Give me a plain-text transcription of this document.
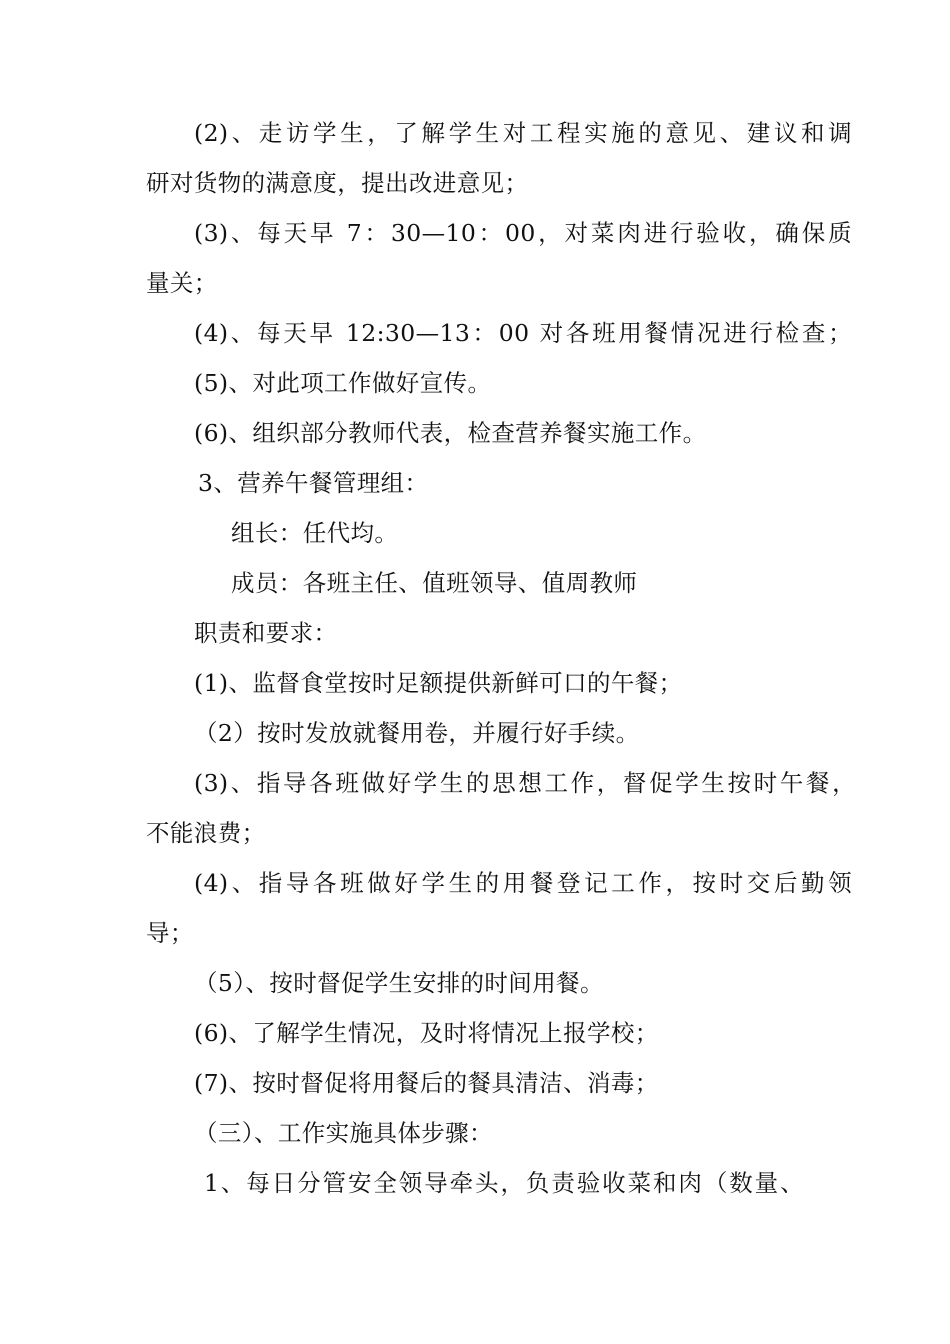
(2)、走访学生，了解学生对工程实施的意见、建议和调
研对货物的满意度，提出改进意见；
(3)、每天早 7：30—10：00，对菜肉进行验收，确保质
量关；
(4)、每天早 12:30—13：00 对各班用餐情况进行检查；
(5)、对此项工作做好宣传。
(6)、组织部分教师代表，检查营养餐实施工作。
3、营养午餐管理组：
组长：任代均。
成员：各班主任、值班领导、值周教师
职责和要求：
(1)、监督食堂按时足额提供新鲜可口的午餐；
（2）按时发放就餐用卷，并履行好手续。
(3)、指导各班做好学生的思想工作，督促学生按时午餐，
不能浪费；
(4)、指导各班做好学生的用餐登记工作，按时交后勤领
导；
（5）、按时督促学生安排的时间用餐。
(6)、了解学生情况，及时将情况上报学校；
(7)、按时督促将用餐后的餐具清洁、消毒；
（三）、工作实施具体步骤：
1、每日分管安全领导牵头，负责验收菜和肉（数量、
